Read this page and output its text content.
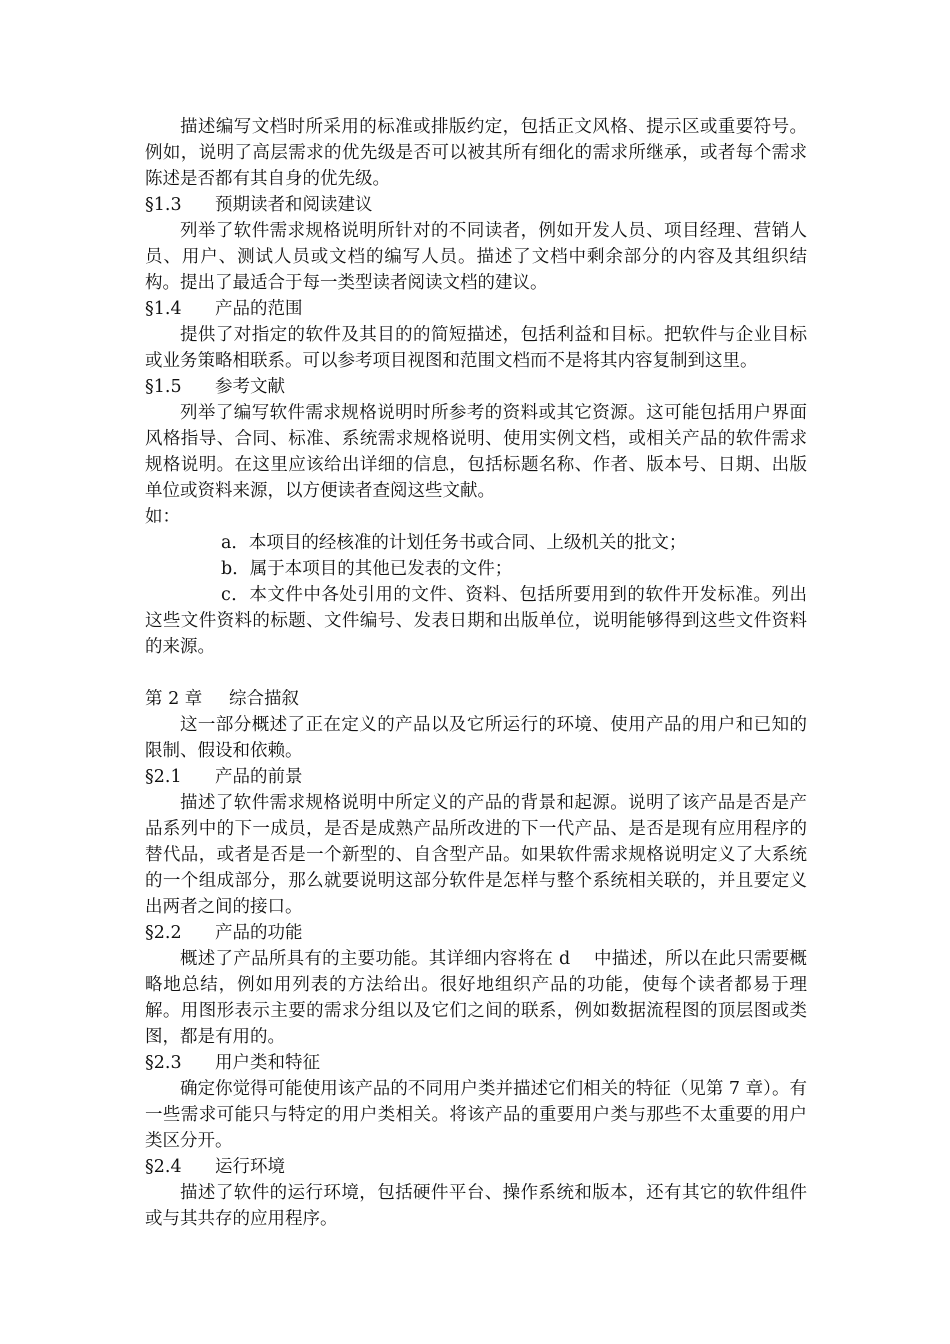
描述编写文档时所采用的标准或排版约定，包括正文风格、提示区或重要符号。例如，说明了高层需求的优先级是否可以被其所有细化的需求所继承，或者每个需求陈述是否都有其自身的优先级。

§1.3 预期读者和阅读建议

列举了软件需求规格说明所针对的不同读者，例如开发人员、项目经理、营销人员、用户、测试人员或文档的编写人员。描述了文档中剩余部分的内容及其组织结构。提出了最适合于每一类型读者阅读文档的建议。

§1.4 产品的范围

提供了对指定的软件及其目的的简短描述，包括利益和目标。把软件与企业目标或业务策略相联系。可以参考项目视图和范围文档而不是将其内容复制到这里。

§1.5 参考文献

列举了编写软件需求规格说明时所参考的资料或其它资源。这可能包括用户界面风格指导、合同、标准、系统需求规格说明、使用实例文档，或相关产品的软件需求规格说明。在这里应该给出详细的信息，包括标题名称、作者、版本号、日期、出版单位或资料来源，以方便读者查阅这些文献。

如：

a．本项目的经核准的计划任务书或合同、上级机关的批文；

b．属于本项目的其他已发表的文件；

c．本文件中各处引用的文件、资料、包括所要用到的软件开发标准。列出这些文件资料的标题、文件编号、发表日期和出版单位，说明能够得到这些文件资料的来源。

第 2 章 综合描叙

这一部分概述了正在定义的产品以及它所运行的环境、使用产品的用户和已知的限制、假设和依赖。

§2.1 产品的前景

描述了软件需求规格说明中所定义的产品的背景和起源。说明了该产品是否是产品系列中的下一成员，是否是成熟产品所改进的下一代产品、是否是现有应用程序的替代品，或者是否是一个新型的、自含型产品。如果软件需求规格说明定义了大系统的一个组成部分，那么就要说明这部分软件是怎样与整个系统相关联的，并且要定义出两者之间的接口。

§2.2 产品的功能

概述了产品所具有的主要功能。其详细内容将在 d　 中描述，所以在此只需要概略地总结，例如用列表的方法给出。很好地组织产品的功能，使每个读者都易于理解。用图形表示主要的需求分组以及它们之间的联系，例如数据流程图的顶层图或类图，都是有用的。

§2.3 用户类和特征

确定你觉得可能使用该产品的不同用户类并描述它们相关的特征（见第 7 章）。有一些需求可能只与特定的用户类相关。将该产品的重要用户类与那些不太重要的用户类区分开。

§2.4 运行环境

描述了软件的运行环境，包括硬件平台、操作系统和版本，还有其它的软件组件或与其共存的应用程序。
